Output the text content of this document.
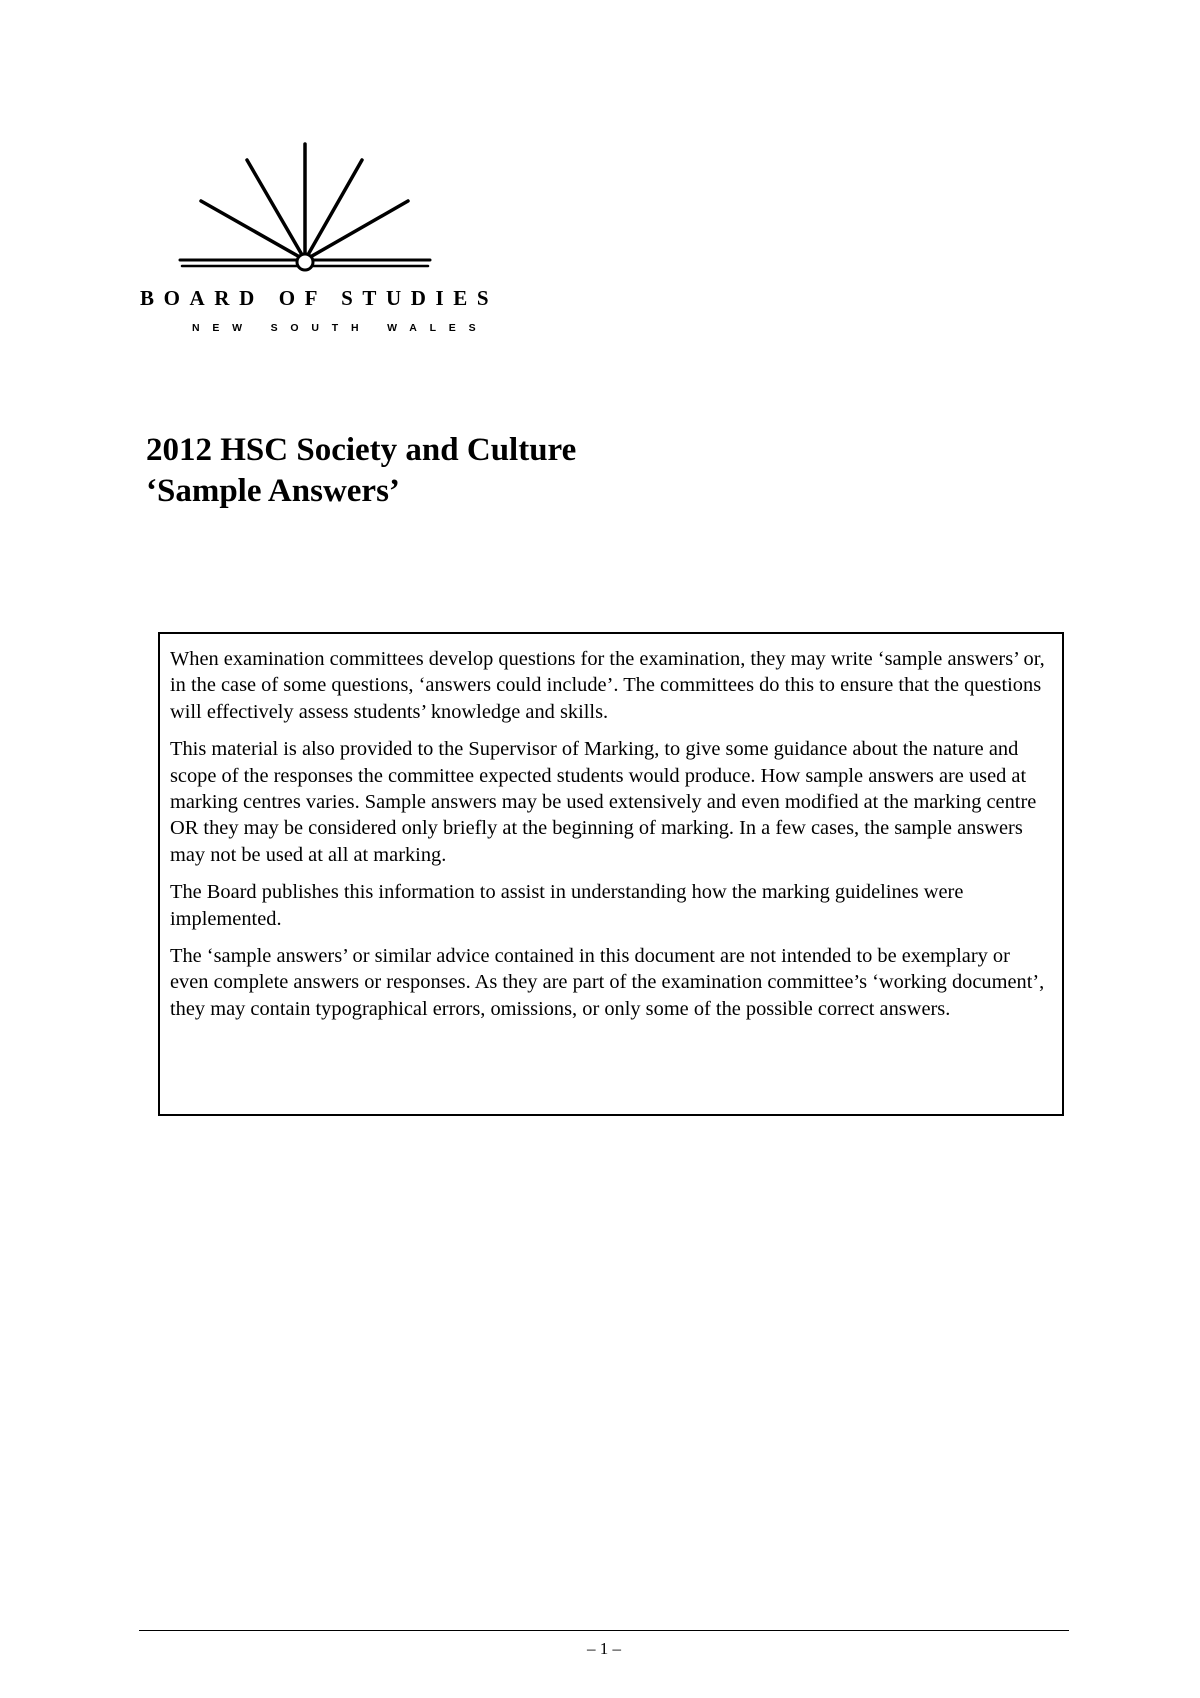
BOARD OF STUDIES
NEW SOUTH WALES
2012 HSC Society and Culture
‘Sample Answers’

When examination committees develop questions for the examination, they may write ‘sample answers’ or, in the case of some questions, ‘answers could include’. The committees do this to ensure that the questions will effectively assess students’ knowledge and skills.

This material is also provided to the Supervisor of Marking, to give some guidance about the nature and scope of the responses the committee expected students would produce. How sample answers are used at marking centres varies. Sample answers may be used extensively and even modified at the marking centre OR they may be considered only briefly at the beginning of marking. In a few cases, the sample answers may not be used at all at marking.

The Board publishes this information to assist in understanding how the marking guidelines were implemented.

The ‘sample answers’ or similar advice contained in this document are not intended to be exemplary or even complete answers or responses. As they are part of the examination committee’s ‘working document’, they may contain typographical errors, omissions, or only some of the possible correct answers.

– 1 –
